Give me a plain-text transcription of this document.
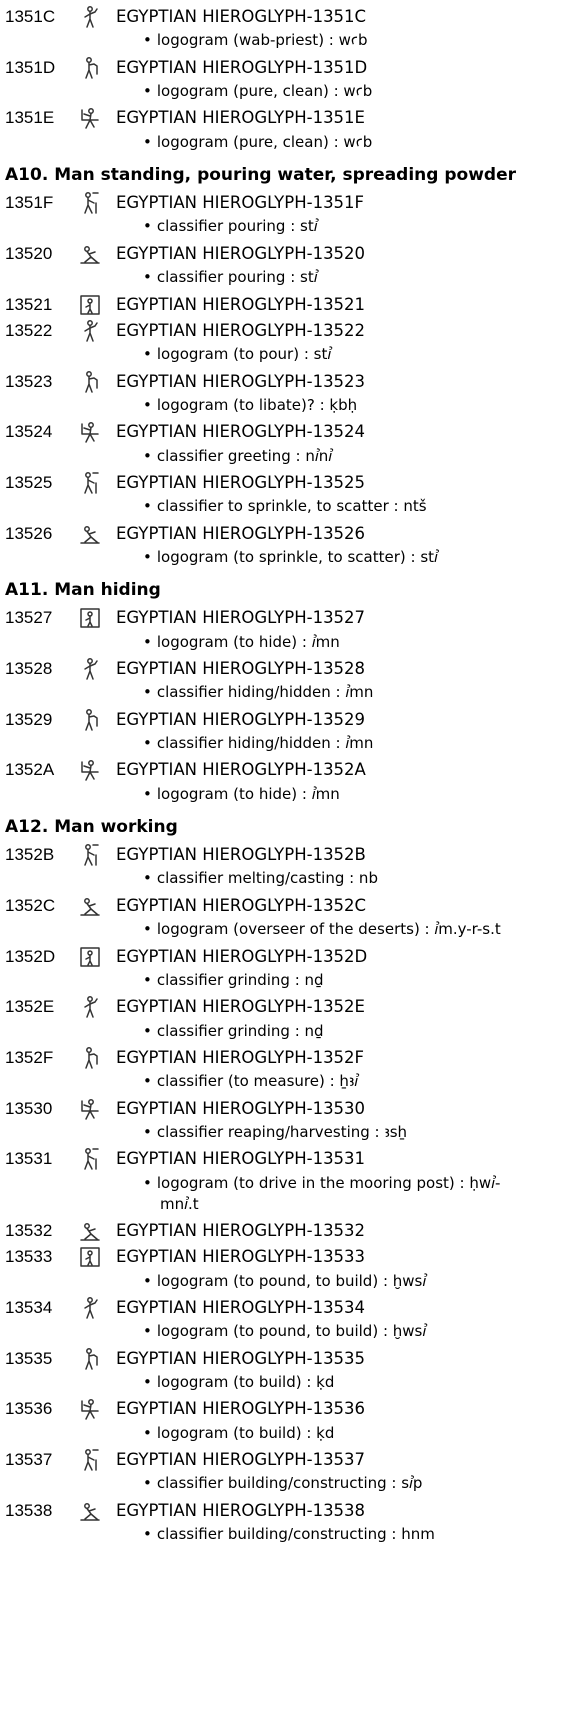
1351C	EGYPTIAN HIEROGLYPH-1351C
• logogram (wab-priest) : wꜥb
1351D	EGYPTIAN HIEROGLYPH-1351D
• logogram (pure, clean) : wꜥb
1351E	EGYPTIAN HIEROGLYPH-1351E
• logogram (pure, clean) : wꜥb
A10. Man standing, pouring water, spreading powder
1351F	EGYPTIAN HIEROGLYPH-1351F
• classifier pouring : stꞽ
13520	EGYPTIAN HIEROGLYPH-13520
• classifier pouring : stꞽ
13521	EGYPTIAN HIEROGLYPH-13521
13522	EGYPTIAN HIEROGLYPH-13522
• logogram (to pour) : stꞽ
13523	EGYPTIAN HIEROGLYPH-13523
• logogram (to libate)? : ḳbḥ
13524	EGYPTIAN HIEROGLYPH-13524
• classifier greeting : nꞽnꞽ
13525	EGYPTIAN HIEROGLYPH-13525
• classifier to sprinkle, to scatter : ntš
13526	EGYPTIAN HIEROGLYPH-13526
• logogram (to sprinkle, to scatter) : stꞽ
A11. Man hiding
13527	EGYPTIAN HIEROGLYPH-13527
• logogram (to hide) : ꞽmn
13528	EGYPTIAN HIEROGLYPH-13528
• classifier hiding/hidden : ꞽmn
13529	EGYPTIAN HIEROGLYPH-13529
• classifier hiding/hidden : ꞽmn
1352A	EGYPTIAN HIEROGLYPH-1352A
• logogram (to hide) : ꞽmn
A12. Man working
1352B	EGYPTIAN HIEROGLYPH-1352B
• classifier melting/casting : nb
1352C	EGYPTIAN HIEROGLYPH-1352C
• logogram (overseer of the deserts) : ꞽm.y-r-s.t
1352D	EGYPTIAN HIEROGLYPH-1352D
• classifier grinding : nḏ
1352E	EGYPTIAN HIEROGLYPH-1352E
• classifier grinding : nḏ
1352F	EGYPTIAN HIEROGLYPH-1352F
• classifier (to measure) : ẖꜣꞽ
13530	EGYPTIAN HIEROGLYPH-13530
• classifier reaping/harvesting : ꜣsẖ
13531	EGYPTIAN HIEROGLYPH-13531
• logogram (to drive in the mooring post) : ḥwꞽ-
mnꞽ.t
13532	EGYPTIAN HIEROGLYPH-13532
13533	EGYPTIAN HIEROGLYPH-13533
• logogram (to pound, to build) : ḫwsꞽ
13534	EGYPTIAN HIEROGLYPH-13534
• logogram (to pound, to build) : ḫwsꞽ
13535	EGYPTIAN HIEROGLYPH-13535
• logogram (to build) : ḳd
13536	EGYPTIAN HIEROGLYPH-13536
• logogram (to build) : ḳd
13537	EGYPTIAN HIEROGLYPH-13537
• classifier building/constructing : sꞽp
13538	EGYPTIAN HIEROGLYPH-13538
• classifier building/constructing : hnm
